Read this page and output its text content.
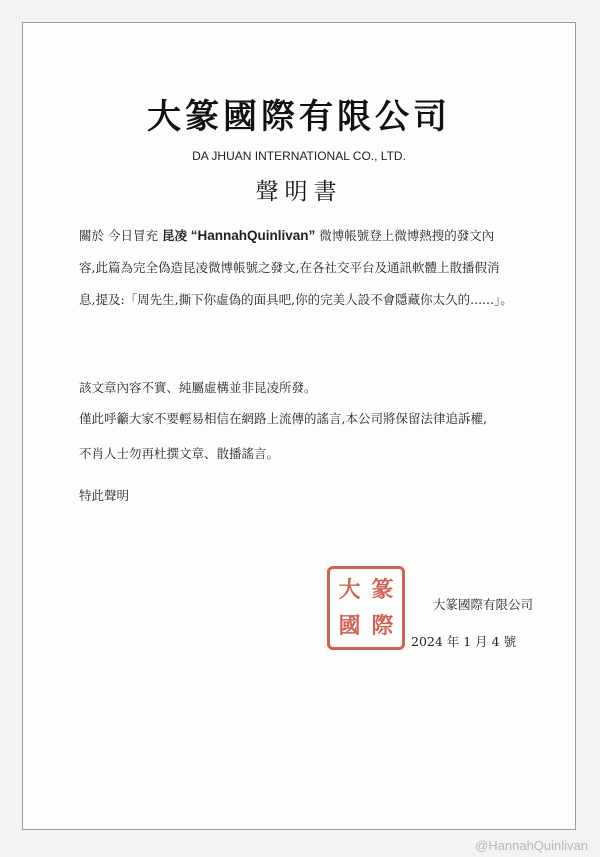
大篆國際有限公司
DA JHUAN INTERNATIONAL CO., LTD.
聲明書
關於 今日冒充 昆凌 “HannahQuinlivan” 微博帳號登上微博熱搜的發文內
容,此篇為完全偽造昆凌微博帳號之發文,在各社交平台及通訊軟體上散播假消
息,提及:「周先生,撕下你虛偽的面具吧,你的完美人設不會隱藏你太久的......」。
該文章內容不實、純屬虛構並非昆凌所發。
僅此呼籲大家不要輕易相信在網路上流傳的謠言,本公司將保留法律追訴權,
不肖人士勿再杜撰文章、散播謠言。
特此聲明
大 篆
國 際
大篆國際有限公司
2024 年 1 月 4 號
@HannahQuinlivan
